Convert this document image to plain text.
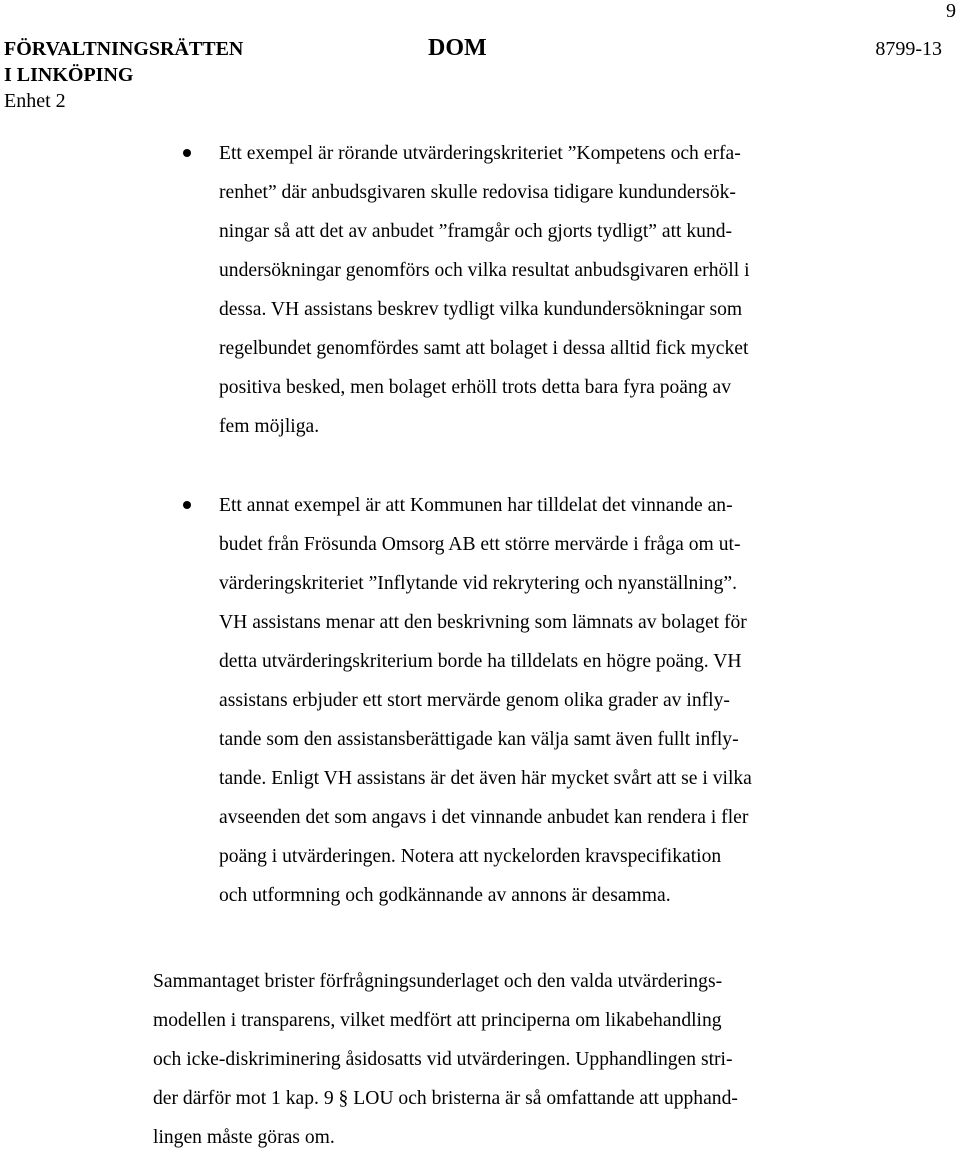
9
FÖRVALTNINGSRÄTTEN
I LINKÖPING
Enhet 2
DOM	8799-13
Ett exempel är rörande utvärderingskriteriet ”Kompetens och erfa-
renhet” där anbudsgivaren skulle redovisa tidigare kundundersök-
ningar så att det av anbudet ”framgår och gjorts tydligt” att kund-
undersökningar genomförs och vilka resultat anbudsgivaren erhöll i
dessa. VH assistans beskrev tydligt vilka kundundersökningar som
regelbundet genomfördes samt att bolaget i dessa alltid fick mycket
positiva besked, men bolaget erhöll trots detta bara fyra poäng av
fem möjliga.
Ett annat exempel är att Kommunen har tilldelat det vinnande an-
budet från Frösunda Omsorg AB ett större mervärde i fråga om ut-
värderingskriteriet ”Inflytande vid rekrytering och nyanställning”.
VH assistans menar att den beskrivning som lämnats av bolaget för
detta utvärderingskriterium borde ha tilldelats en högre poäng. VH
assistans erbjuder ett stort mervärde genom olika grader av infly-
tande som den assistansberättigade kan välja samt även fullt infly-
tande. Enligt VH assistans är det även här mycket svårt att se i vilka
avseenden det som angavs i det vinnande anbudet kan rendera i fler
poäng i utvärderingen. Notera att nyckelorden kravspecifikation
och utformning och godkännande av annons är desamma.

Sammantaget brister förfrågningsunderlaget och den valda utvärderings-
modellen i transparens, vilket medfört att principerna om likabehandling
och icke-diskriminering åsidosatts vid utvärderingen. Upphandlingen stri-
der därför mot 1 kap. 9 § LOU och bristerna är så omfattande att upphand-
lingen måste göras om.
